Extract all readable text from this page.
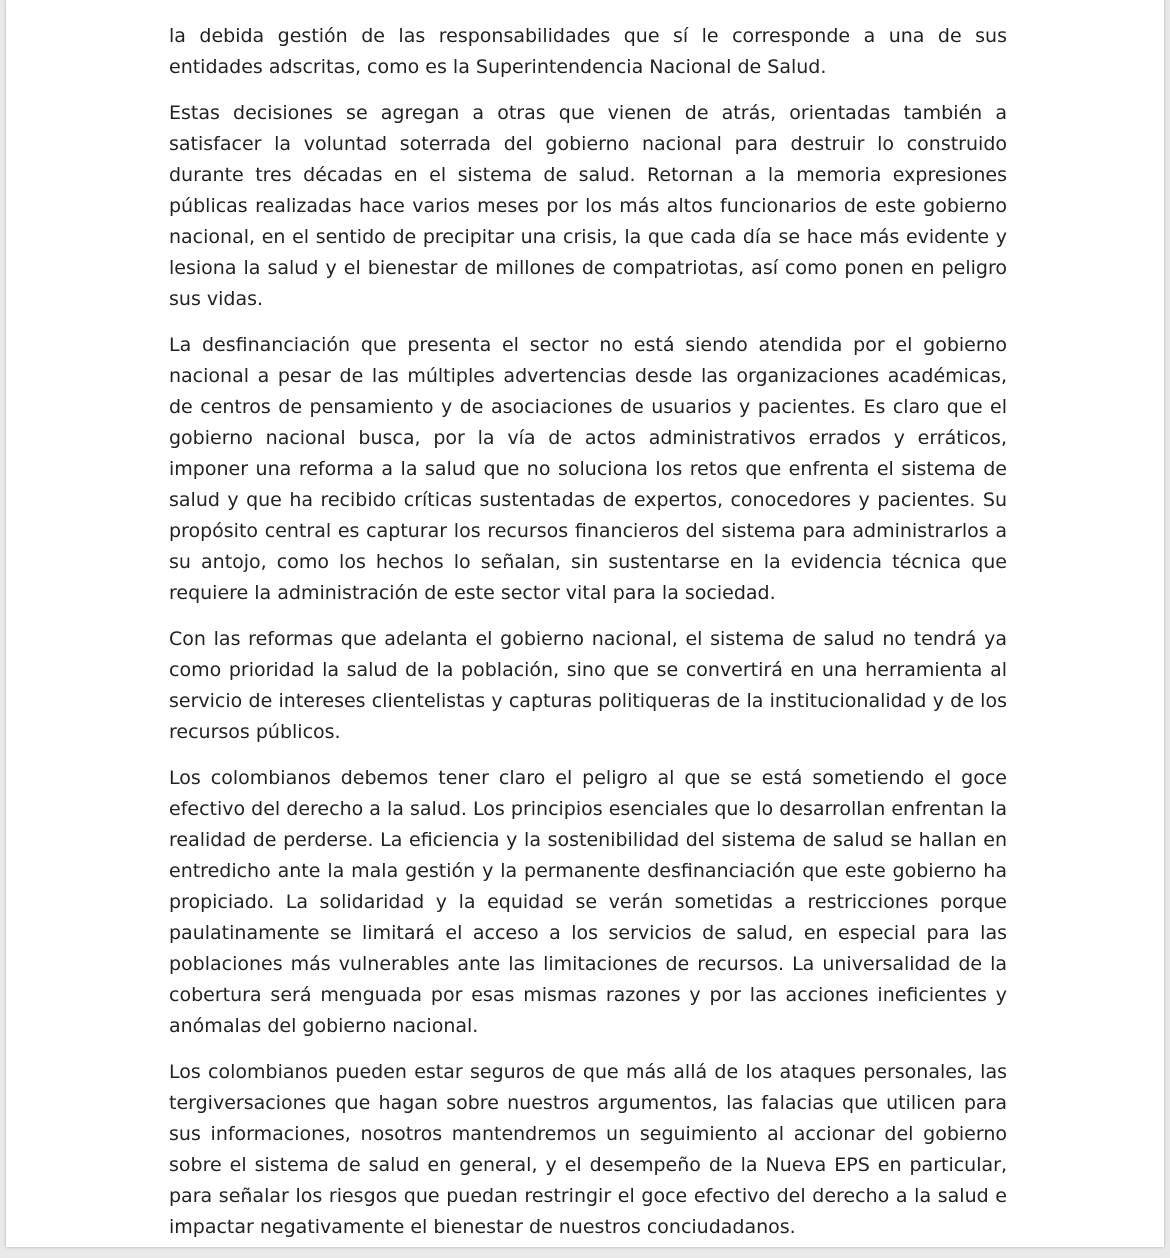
la debida gestión de las responsabilidades que sí le corresponde a una de sus entidades adscritas, como es la Superintendencia Nacional de Salud.

Estas decisiones se agregan a otras que vienen de atrás, orientadas también a satisfacer la voluntad soterrada del gobierno nacional para destruir lo construido durante tres décadas en el sistema de salud. Retornan a la memoria expresiones públicas realizadas hace varios meses por los más altos funcionarios de este gobierno nacional, en el sentido de precipitar una crisis, la que cada día se hace más evidente y lesiona la salud y el bienestar de millones de compatriotas, así como ponen en peligro sus vidas.

La desfinanciación que presenta el sector no está siendo atendida por el gobierno nacional a pesar de las múltiples advertencias desde las organizaciones académicas, de centros de pensamiento y de asociaciones de usuarios y pacientes. Es claro que el gobierno nacional busca, por la vía de actos administrativos errados y erráticos, imponer una reforma a la salud que no soluciona los retos que enfrenta el sistema de salud y que ha recibido críticas sustentadas de expertos, conocedores y pacientes. Su propósito central es capturar los recursos financieros del sistema para administrarlos a su antojo, como los hechos lo señalan, sin sustentarse en la evidencia técnica que requiere la administración de este sector vital para la sociedad.

Con las reformas que adelanta el gobierno nacional, el sistema de salud no tendrá ya como prioridad la salud de la población, sino que se convertirá en una herramienta al servicio de intereses clientelistas y capturas politiqueras de la institucionalidad y de los recursos públicos.

Los colombianos debemos tener claro el peligro al que se está sometiendo el goce efectivo del derecho a la salud. Los principios esenciales que lo desarrollan enfrentan la realidad de perderse. La eficiencia y la sostenibilidad del sistema de salud se hallan en entredicho ante la mala gestión y la permanente desfinanciación que este gobierno ha propiciado. La solidaridad y la equidad se verán sometidas a restricciones porque paulatinamente se limitará el acceso a los servicios de salud, en especial para las poblaciones más vulnerables ante las limitaciones de recursos. La universalidad de la cobertura será menguada por esas mismas razones y por las acciones ineficientes y anómalas del gobierno nacional.

Los colombianos pueden estar seguros de que más allá de los ataques personales, las tergiversaciones que hagan sobre nuestros argumentos, las falacias que utilicen para sus informaciones, nosotros mantendremos un seguimiento al accionar del gobierno sobre el sistema de salud en general, y el desempeño de la Nueva EPS en particular, para señalar los riesgos que puedan restringir el goce efectivo del derecho a la salud e impactar negativamente el bienestar de nuestros conciudadanos.
